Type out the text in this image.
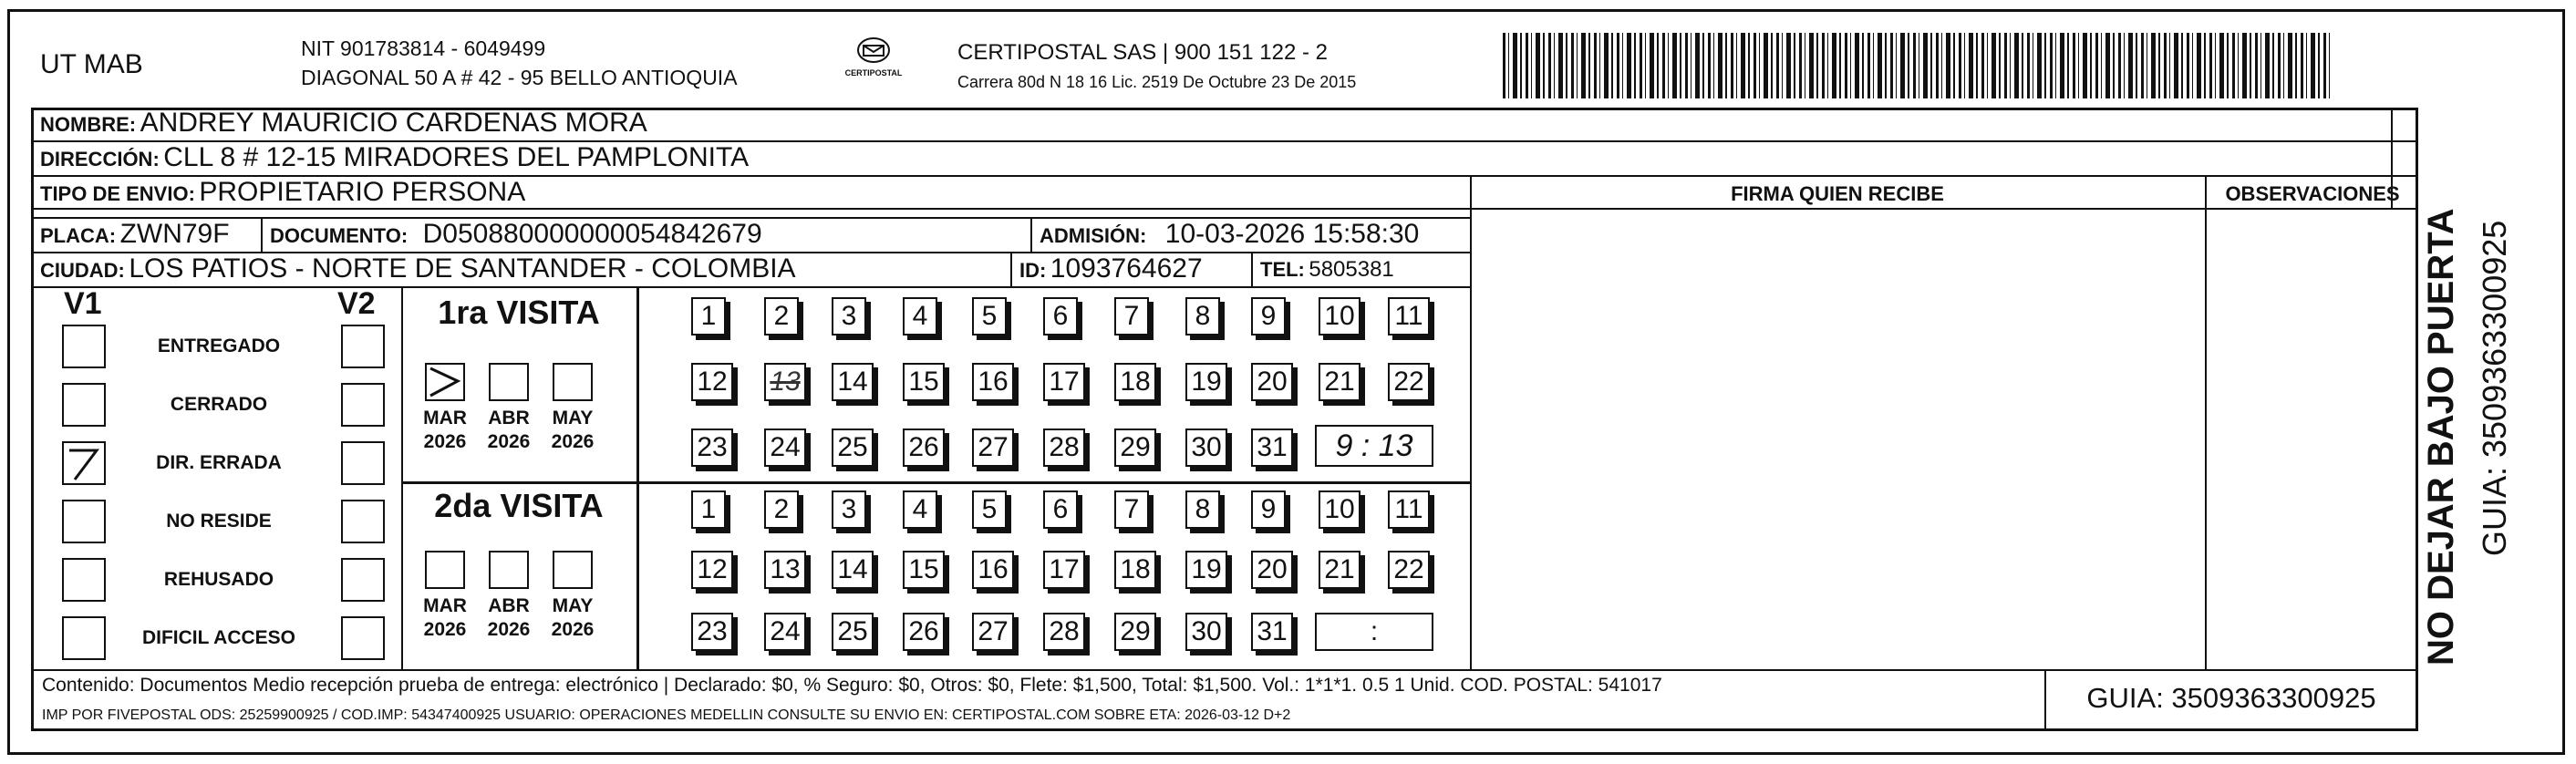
UT MAB
NIT 901783814 - 6049499
DIAGONAL 50 A # 42 - 95 BELLO ANTIOQUIA	CERTIPOSTAL
CERTIPOSTAL SAS | 900 151 122 - 2
Carrera 80d N 18 16 Lic. 2519 De Octubre 23 De 2015
NOMBRE: ANDREY MAURICIO CARDENAS MORA
DIRECCIÓN: CLL 8 # 12-15 MIRADORES DEL PAMPLONITA
TIPO DE ENVIO: PROPIETARIO PERSONA
PLACA: ZWN79F DOCUMENTO: D050880000000054842679	ADMISIÓN: 10-03-2026 15:58:30
CIUDAD: LOS PATIOS - NORTE DE SANTANDER - COLOMBIA	ID: 1093764627	TEL: 5805381
FIRMA QUIEN RECIBE	OBSERVACIONES
V1	V2
ENTREGADO
CERRADO
DIR. ERRADA
NO RESIDE
REHUSADO
DIFICIL ACCESO
1ra VISITA
MAR
2026
ABR
2026
MAY
2026
1	2	3	4	5	6	7	8	9	10 11
12 13 14 15 16 17 18 19 20 21 22
23 24 25 26 27 28 29 30 31	9 : 13
2da VISITA
MAR
2026
ABR
2026
MAY
2026
1	2	3	4	5	6	7	8	9	10 11
12 13 14 15 16 17 18 19 20 21 22
23 24 25 26 27 28 29 30 31	:
Contenido: Documentos Medio recepción prueba de entrega: electrónico | Declarado: $0, % Seguro: $0, Otros: $0, Flete: $1,500, Total: $1,500. Vol.: 1*1*1. 0.5 1 Unid. COD. POSTAL: 541017
IMP POR FIVEPOSTAL ODS: 25259900925 / COD.IMP: 54347400925 USUARIO: OPERACIONES MEDELLIN CONSULTE SU ENVIO EN: CERTIPOSTAL.COM SOBRE ETA: 2026-03-12 D+2
GUIA: 3509363300925
NO DEJAR BAJO PUERTA GUIA: 3509363300925
